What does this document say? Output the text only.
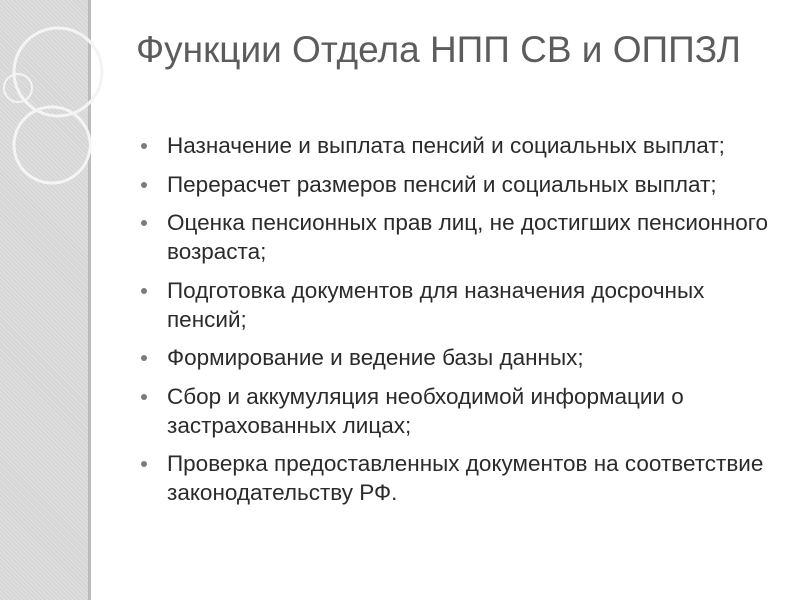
Функции Отдела НПП СВ и ОППЗЛ
Назначение и выплата пенсий и социальных выплат;
Перерасчет размеров пенсий и социальных выплат;
Оценка пенсионных прав лиц, не достигших пенсионного возраста;
Подготовка документов для назначения досрочных пенсий;
Формирование и ведение базы данных;
Сбор и аккумуляция необходимой информации о застрахованных лицах;
Проверка предоставленных документов на соответствие законодательству РФ.
